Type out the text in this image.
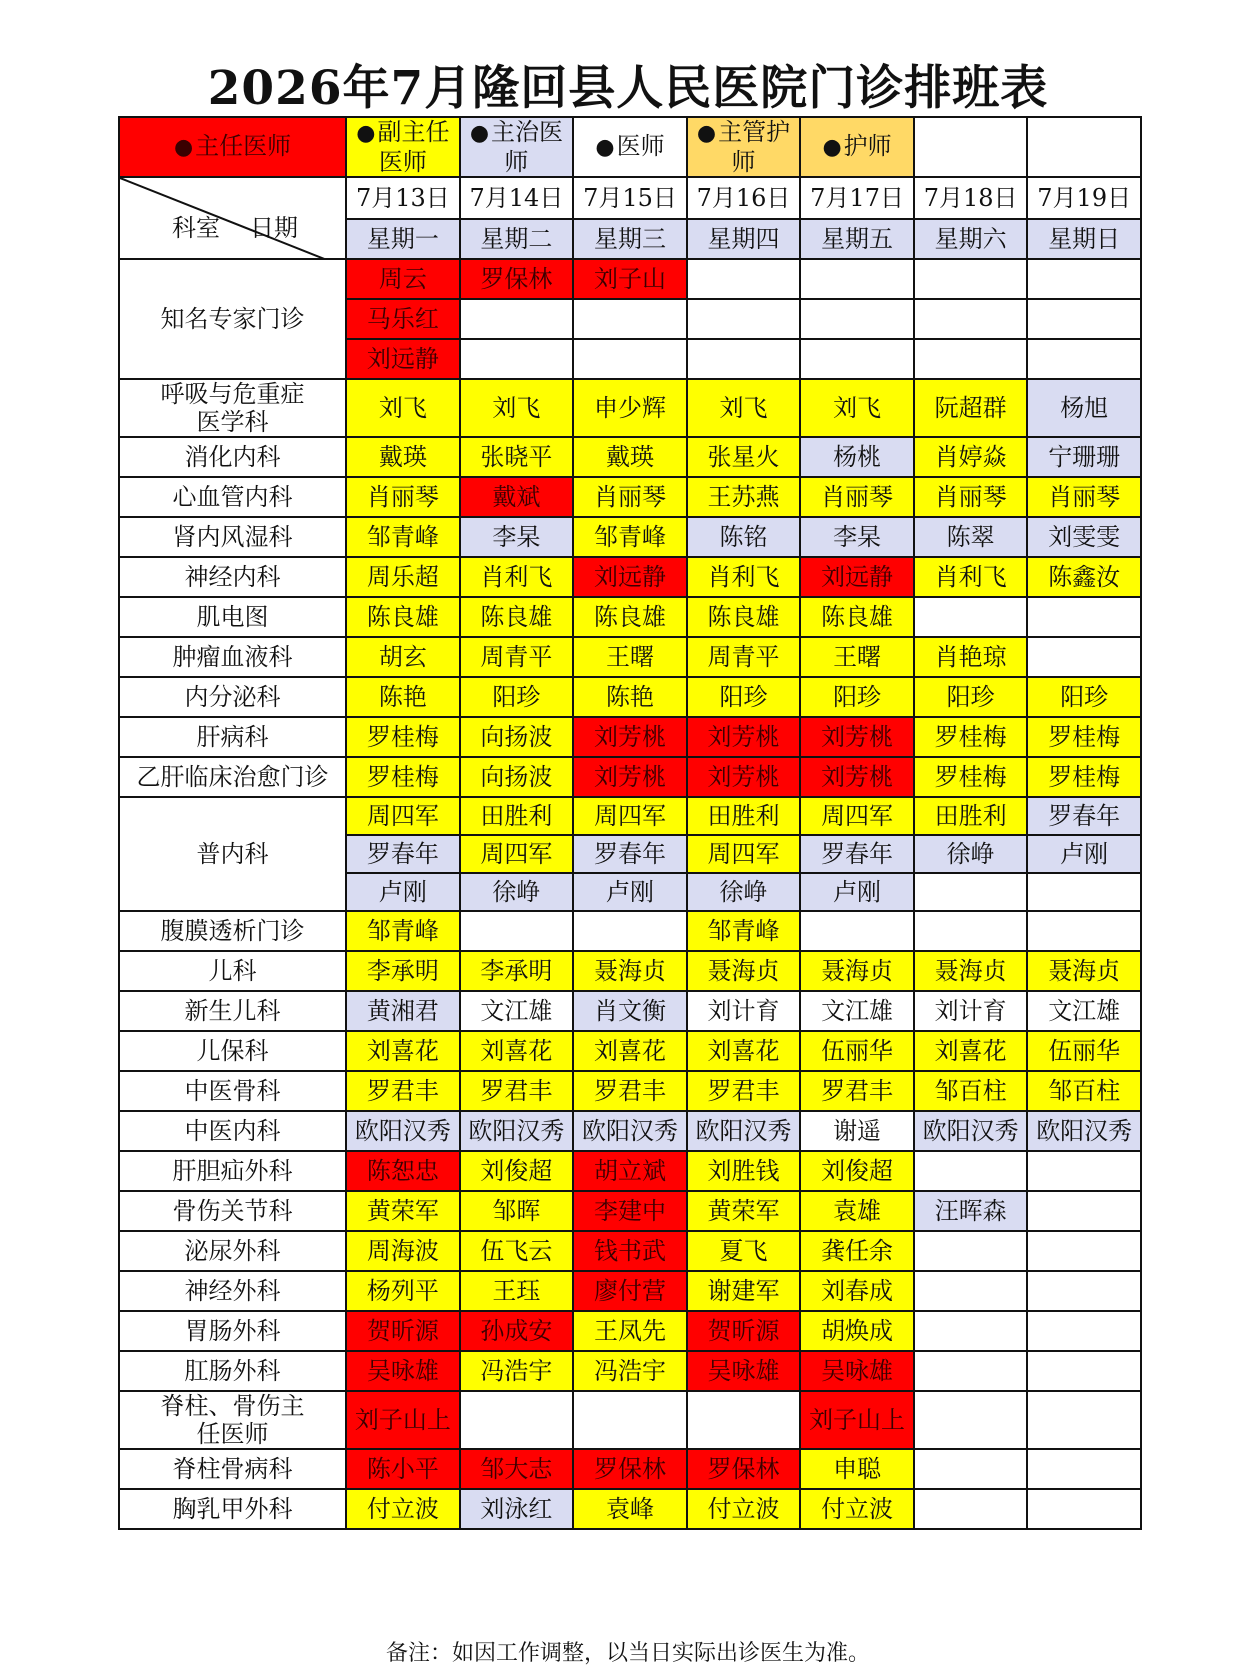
2026年7月隆回县人民医院门诊排班表
●主任医师	●副主任医师	●主治医师	●医师	●主管护师	●护师		

科室 日期	7月13日	7月14日	7月15日	7月16日	7月17日	7月18日	7月19日
	星期一	星期二	星期三	星期四	星期五	星期六	星期日
知名专家门诊	周云	罗保林	刘子山				
	马乐红						
	刘远静						
呼吸与危重症医学科	刘飞	刘飞	申少辉	刘飞	刘飞	阮超群	杨旭
消化内科	戴瑛	张晓平	戴瑛	张星火	杨桃	肖婷焱	宁珊珊
心血管内科	肖丽琴	戴斌	肖丽琴	王苏燕	肖丽琴	肖丽琴	肖丽琴
肾内风湿科	邹青峰	李杲	邹青峰	陈铭	李杲	陈翠	刘雯雯
神经内科	周乐超	肖利飞	刘远静	肖利飞	刘远静	肖利飞	陈鑫汝
肌电图	陈良雄	陈良雄	陈良雄	陈良雄	陈良雄		
肿瘤血液科	胡玄	周青平	王曙	周青平	王曙	肖艳琼	
内分泌科	陈艳	阳珍	陈艳	阳珍	阳珍	阳珍	阳珍
肝病科	罗桂梅	向扬波	刘芳桃	刘芳桃	刘芳桃	罗桂梅	罗桂梅
乙肝临床治愈门诊	罗桂梅	向扬波	刘芳桃	刘芳桃	刘芳桃	罗桂梅	罗桂梅
普内科	周四军	田胜利	周四军	田胜利	周四军	田胜利	罗春年
	罗春年	周四军	罗春年	周四军	罗春年	徐峥	卢刚
	卢刚	徐峥	卢刚	徐峥	卢刚		
腹膜透析门诊	邹青峰			邹青峰			
儿科	李承明	李承明	聂海贞	聂海贞	聂海贞	聂海贞	聂海贞
新生儿科	黄湘君	文江雄	肖文衡	刘计育	文江雄	刘计育	文江雄
儿保科	刘喜花	刘喜花	刘喜花	刘喜花	伍丽华	刘喜花	伍丽华
中医骨科	罗君丰	罗君丰	罗君丰	罗君丰	罗君丰	邹百柱	邹百柱
中医内科	欧阳汉秀	欧阳汉秀	欧阳汉秀	欧阳汉秀	谢遥	欧阳汉秀	欧阳汉秀
肝胆疝外科	陈恕忠	刘俊超	胡立斌	刘胜钱	刘俊超		
骨伤关节科	黄荣军	邹晖	李建中	黄荣军	袁雄	汪晖森	
泌尿外科	周海波	伍飞云	钱书武	夏飞	龚任余		
神经外科	杨列平	王珏	廖付营	谢建军	刘春成		
胃肠外科	贺昕源	孙成安	王凤先	贺昕源	胡焕成		
肛肠外科	吴咏雄	冯浩宇	冯浩宇	吴咏雄	吴咏雄		
脊柱、骨伤主任医师	刘子山上				刘子山上		
脊柱骨病科	陈小平	邹大志	罗保林	罗保林	申聪		
胸乳甲外科	付立波	刘泳红	袁峰	付立波	付立波		
备注：如因工作调整，以当日实际出诊医生为准。
